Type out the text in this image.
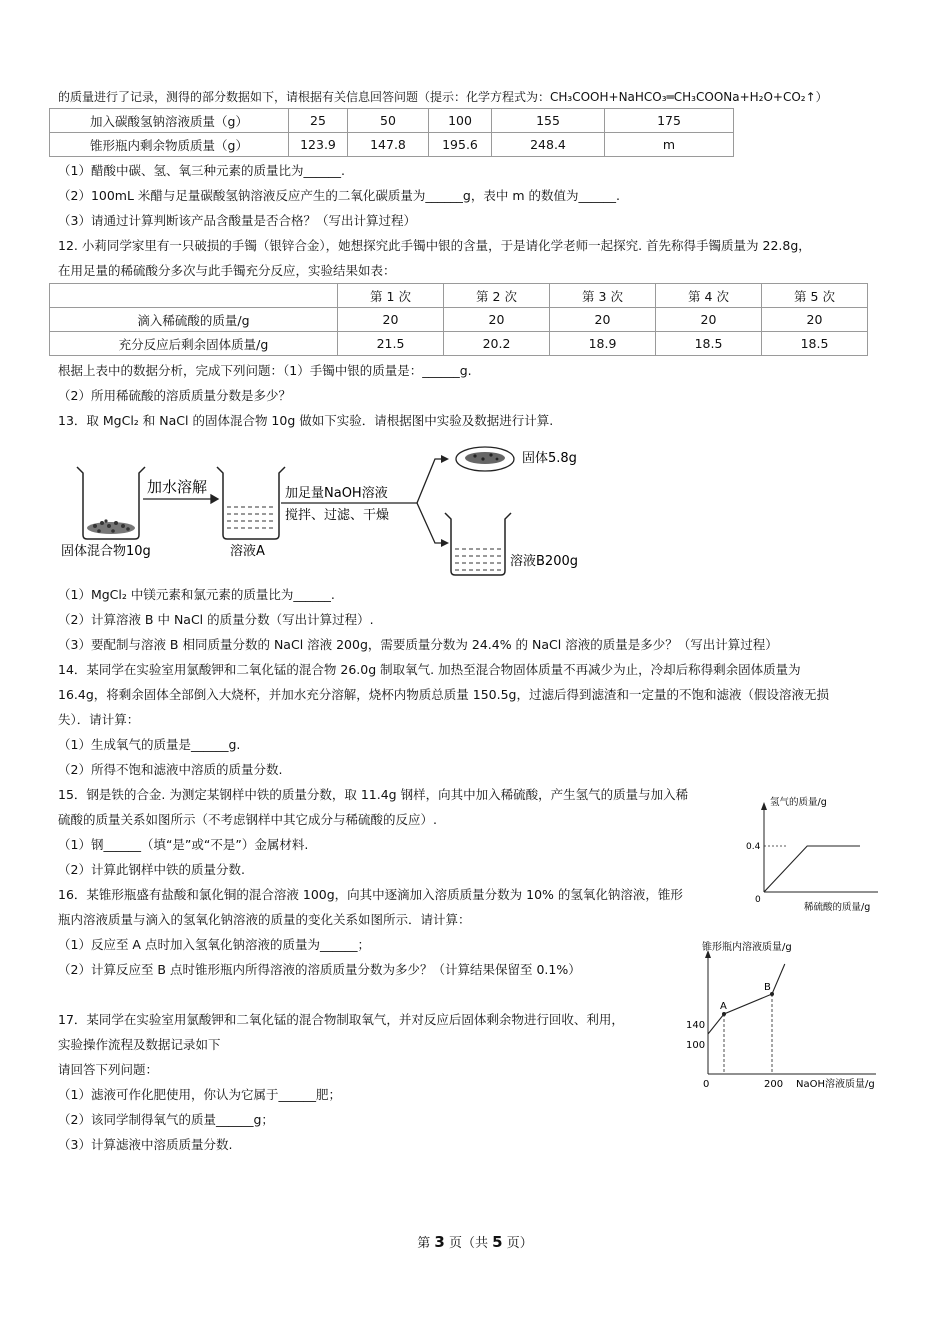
的质量进行了记录，测得的部分数据如下，请根据有关信息回答问题（提示：化学方程式为：CH₃COOH+NaHCO₃═CH₃COONa+H₂O+CO₂↑）
加入碳酸氢钠溶液质量（g）	25	50	100	155	175
锥形瓶内剩余物质质量（g）	123.9	147.8	195.6	248.4	m
（1）醋酸中碳、氢、氧三种元素的质量比为______.
（2）100mL 米醋与足量碳酸氢钠溶液反应产生的二氧化碳质量为______g，表中 m 的数值为______.
（3）请通过计算判断该产品含酸量是否合格？（写出计算过程）
12. 小莉同学家里有一只破损的手镯（银锌合金），她想探究此手镯中银的含量，于是请化学老师一起探究. 首先称得手镯质量为 22.8g，
在用足量的稀硫酸分多次与此手镯充分反应，实验结果如表：
	第 1 次	第 2 次	第 3 次	第 4 次	第 5 次
滴入稀硫酸的质量/g	20	20	20	20	20
充分反应后剩余固体质量/g	21.5	20.2	18.9	18.5	18.5
根据上表中的数据分析，完成下列问题：（1）手镯中银的质量是：______g.
（2）所用稀硫酸的溶质质量分数是多少？
13．取 MgCl₂ 和 NaCl 的固体混合物 10g 做如下实验．请根据图中实验及数据进行计算.
固体混合物10g
加水溶解
溶液A
加足量NaOH溶液
搅拌、过滤、干燥
固体5.8g
溶液B200g
（1）MgCl₂ 中镁元素和氯元素的质量比为______.
（2）计算溶液 B 中 NaCl 的质量分数（写出计算过程）.
（3）要配制与溶液 B 相同质量分数的 NaCl 溶液 200g，需要质量分数为 24.4% 的 NaCl 溶液的质量是多少？（写出计算过程）
14．某同学在实验室用氯酸钾和二氧化锰的混合物 26.0g 制取氧气. 加热至混合物固体质量不再减少为止，冷却后称得剩余固体质量为
16.4g，将剩余固体全部倒入大烧杯，并加水充分溶解，烧杯内物质总质量 150.5g，过滤后得到滤渣和一定量的不饱和滤液（假设溶液无损
失）．请计算：
（1）生成氧气的质量是______g.
（2）所得不饱和滤液中溶质的质量分数.
15．钢是铁的合金. 为测定某钢样中铁的质量分数，取 11.4g 钢样，向其中加入稀硫酸，产生氢气的质量与加入稀
硫酸的质量关系如图所示（不考虑钢样中其它成分与稀硫酸的反应）.
（1）钢______（填“是”或“不是”）金属材料.
（2）计算此钢样中铁的质量分数.
氢气的质量/g
稀硫酸的质量/g
0
0.4
16．某锥形瓶盛有盐酸和氯化铜的混合溶液 100g，向其中逐滴加入溶质质量分数为 10% 的氢氧化钠溶液，锥形
瓶内溶液质量与滴入的氢氧化钠溶液的质量的变化关系如图所示．请计算：
（1）反应至 A 点时加入氢氧化钠溶液的质量为______；
（2）计算反应至 B 点时锥形瓶内所得溶液的溶质质量分数为多少？（计算结果保留至 0.1%）
锥形瓶内溶液质量/g
NaOH溶液质量/g
0
100
140
200
A
B
17．某同学在实验室用氯酸钾和二氧化锰的混合物制取氧气，并对反应后固体剩余物进行回收、利用，
实验操作流程及数据记录如下
请回答下列问题：
（1）滤液可作化肥使用，你认为它属于______肥；
（2）该同学制得氧气的质量______g；
（3）计算滤液中溶质质量分数.
第 3 页（共 5 页）
